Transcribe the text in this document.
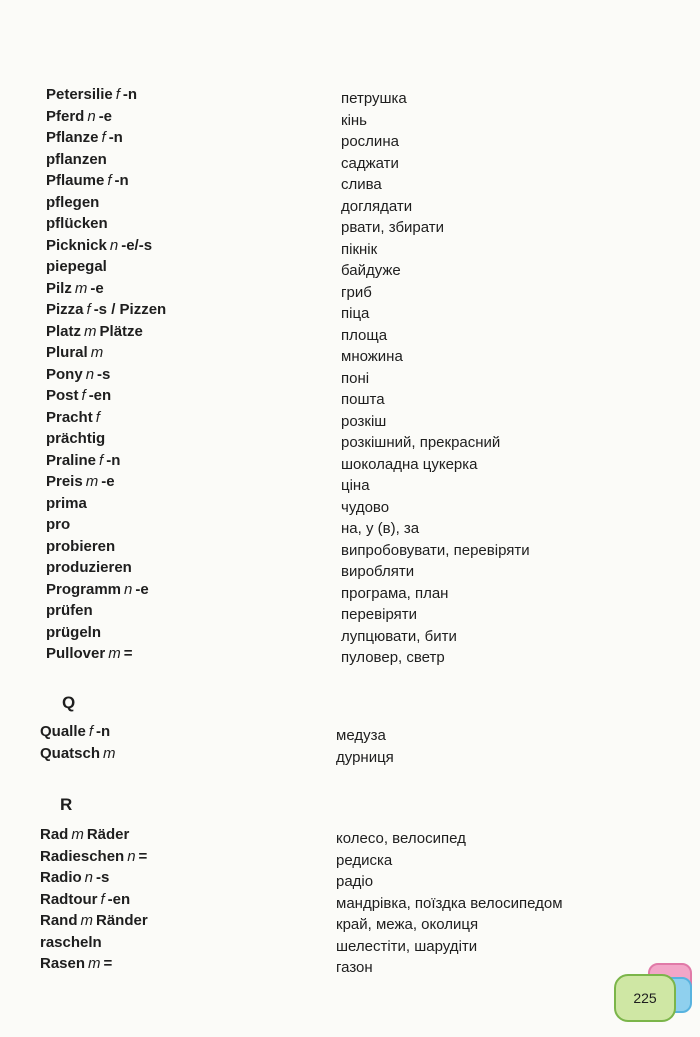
Petersilie f -n
Pferd n -e
Pflanze f -n
pflanzen
Pflaume f -n
pflegen
pflücken
Picknick n -e/-s
piepegal
Pilz m -e
Pizza f -s / Pizzen
Platz m Plätze
Plural m
Pony n -s
Post f -en
Pracht f
prächtig
Praline f -n
Preis m -e
prima
pro
probieren
produzieren
Programm n -e
prüfen
prügeln
Pullover m =
петрушка
кінь
рослина
саджати
слива
доглядати
рвати, збирати
пікнік
байдуже
гриб
піца
площа
множина
поні
пошта
розкіш
розкішний, прекрасний
шоколадна цукерка
ціна
чудово
на, у (в), за
випробовувати, перевіряти
виробляти
програма, план
перевіряти
лупцювати, бити
пуловер, светр
Q
Qualle f -n
Quatsch m
медуза
дурниця
R
Rad m Räder
Radieschen n =
Radio n -s
Radtour f -en
Rand m Ränder
rascheln
Rasen m =
колесо, велосипед
редиска
радіо
мандрівка, поїздка велосипедом
край, межа, околиця
шелестіти, шарудіти
газон
225
